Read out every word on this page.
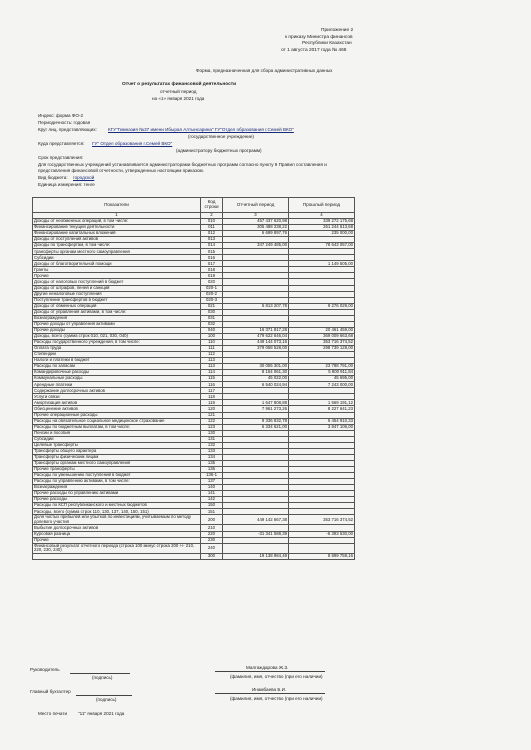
Приложение 2
к приказу Министра финансов
Республики Казахстан
от 1 августа 2017 года № 468
Форма, предназначенная для сбора административных данных
Отчет о результатах финансовой деятельности
отчетный период
на «1» января 2021 года
Индекс: форма ФО-2
Периодичность: годовая
Круг лиц, представляющих: КГУ"Гимназия №37 имени Ибырая Алтынсарина" ГУ"Отдел образования г.Семей ВКО"
(государственное учреждение)
Куда представляется: ГУ" Отдел образования г.Семей ВКО"
(администратору бюджетных программ)
Срок представления:
Для государственных учреждений устанавливается администраторами бюджетных программ согласно пункту 9 Правил составления и
представления финансовой отчетности, утвержденных настоящим приказом.
Вид бюджета: городской
Единица измерения: тенге
Показатели	Код строки	Отчетный период	Прошлый период
1	2	3	4
Доходы от необменных операций, в том числе:	010	457 437 620,98	339 272 175,68
Финансирование текущей деятельности	011	305 488 238,22	261 244 613,68
Финансирование капитальных вложений	012	6 699 897,76	235 000,00
Доходы от поступления активов	013		
Доходы по трансфертам, в том числе:	014	347 249 485,00	78 643 057,00
трансферты органам местного самоуправления	015		
Субсидии	016		
Доходы от благотворительной помощи	017		1 149 505,00
Гранты	018		
Прочие	019		
Доходы от налоговых поступлений в бюджет	020		
Доходы от штрафов, пеней и санкций	020-1		
Другие неналоговые поступления	020-2		
Поступление трансфертов в бюджет	020-3		
Доходы от обменных операций	021	5 813 207,78	9 276 029,00
Доходы от управления активами, в том числе:	030		
Вознаграждения	031		
Прочие доходы от управления активами	032		
Прочие доходы	040	16 371 817,28	20 461 459,00
Доходы, всего (сумма строк 010, 021, 030, 040)	100	479 622 646,04	369 009 663,68
Расходы государственного учреждения, в том числе:	110	449 144 073,16	353 716 374,52
Оплата труда	111	379 058 528,00	298 739 128,00
Стипендии	112		
Налоги и платежи в бюджет	113		
Расходы по запасам	113	30 055 301,00	23 788 791,00
Командировочные расходы	114	8 164 061,30	5 800 911,84
Коммунальные расходы	115	45 022,00	45 695,00
Арендные платежи	116	6 540 024,94	7 243 000,00
Содержание долгосрочных активов	117		
Услуги связи	118		
Амортизация активов	119	1 647 808,88	1 569 191,12
Обесценение активов	120	7 961 273,26	8 227 641,23
Прочие операционные расходы	121		
Расходы на обязательное социальное медицинское страхование	122	9 336 832,78	6 454 910,33
Расходы по бюджетным выплатам, в том числе:	123	6 334 621,00	3 847 106,00
Пенсии и пособия	130		
Субсидии	131		
Целевые трансферты	132		
Трансферты общего характера	133		
Трансферты физическим лицам	134		
Трансферты органам местного самоуправления	135		
Прочие трансферты	136		
Расходы по уменьшению поступлений в бюджет	136-1		
Расходы по управлению активами, в том числе:	137		
Вознаграждения	140		
Прочие расходы по управлению активами	141		
Прочие расходы	142		
Расходы по КСП республиканского и местных бюджетов	150		
Расходы, всего (сумма строк 110, 130, 137, 140, 150, 151)	151		
Доля чистых прибылей или убытков по инвестициям, учитываемым по методу долевого участия	200	449 142 667,38	353 716 374,52
Выбытие долгосрочных активов	210		
Курсовая разница	220	-31 341 588,39	-6 393 530,00
Прочие	230		
Финансовый результат отчетного периода (строка 100 минус строка 200 +/- 210, 220, 230, 240)	240		
	300	19 138 984,49	8 899 759,16
Руководитель
(подпись)
Малгаждарова Ж.З.
(фамилия, имя, отчество (при его наличии)
Главный бухгалтер
(подпись)
Инамбаева Б.И.
(фамилия, имя, отчество (при его наличии)
Место печати "11" января 2021 года
